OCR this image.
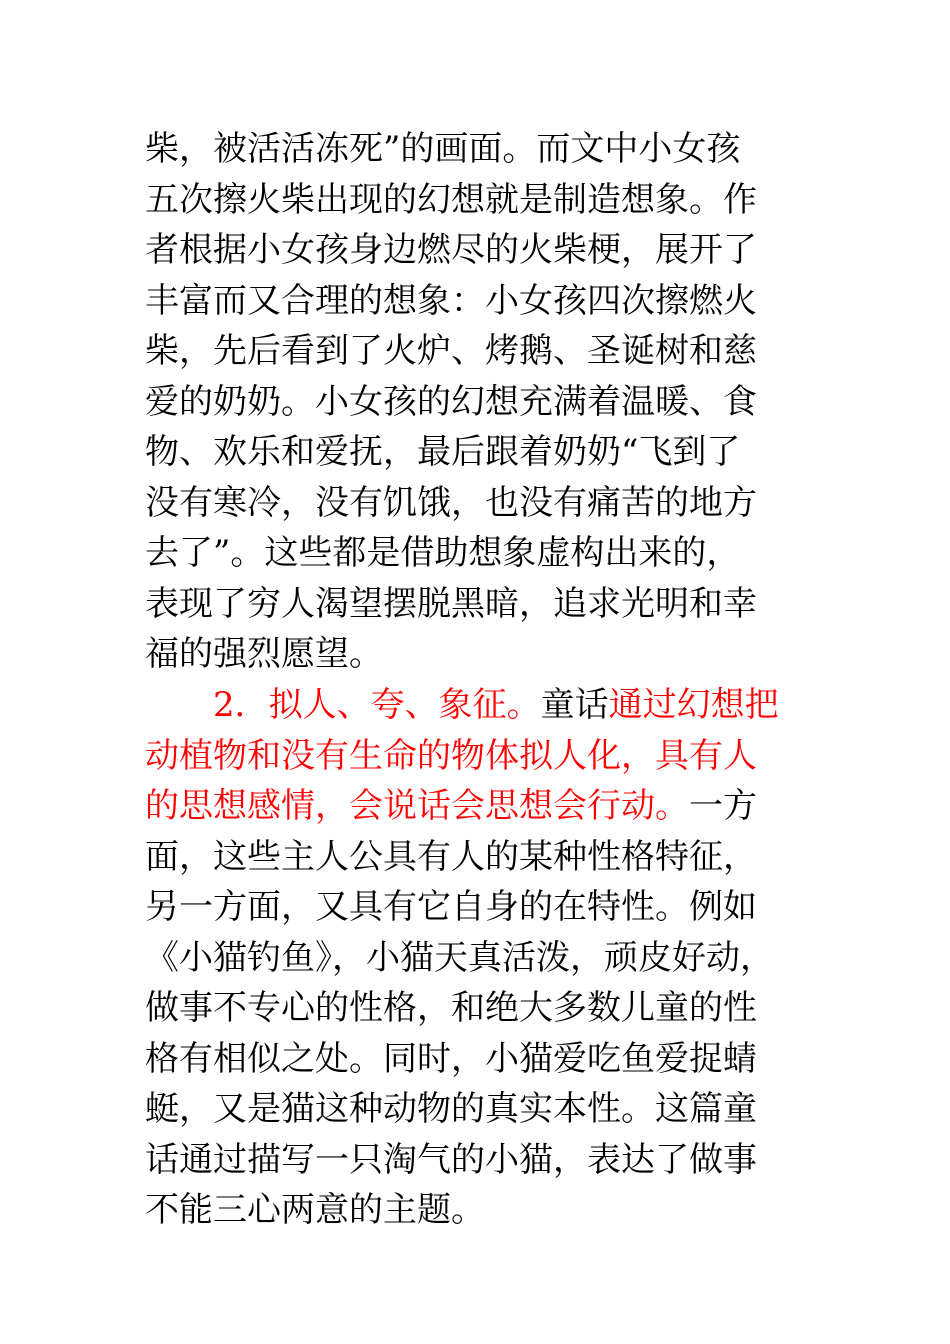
柴，被活活冻死”的画面。而文中小女孩
五次擦火柴出现的幻想就是制造想象。作
者根据小女孩身边燃尽的火柴梗，展开了
丰富而又合理的想象：小女孩四次擦燃火
柴，先后看到了火炉、烤鹅、圣诞树和慈
爱的奶奶。小女孩的幻想充满着温暖、食
物、欢乐和爱抚，最后跟着奶奶“飞到了
没有寒冷，没有饥饿，也没有痛苦的地方
去了”。这些都是借助想象虚构出来的，
表现了穷人渴望摆脱黑暗，追求光明和幸
福的强烈愿望。
2．拟人、夸、象征。童话通过幻想把
动植物和没有生命的物体拟人化，具有人
的思想感情，会说话会思想会行动。一方
面，这些主人公具有人的某种性格特征，
另一方面，又具有它自身的在特性。例如
《小猫钓鱼》，小猫天真活泼，顽皮好动，
做事不专心的性格，和绝大多数儿童的性
格有相似之处。同时，小猫爱吃鱼爱捉蜻
蜓，又是猫这种动物的真实本性。这篇童
话通过描写一只淘气的小猫，表达了做事
不能三心两意的主题。
